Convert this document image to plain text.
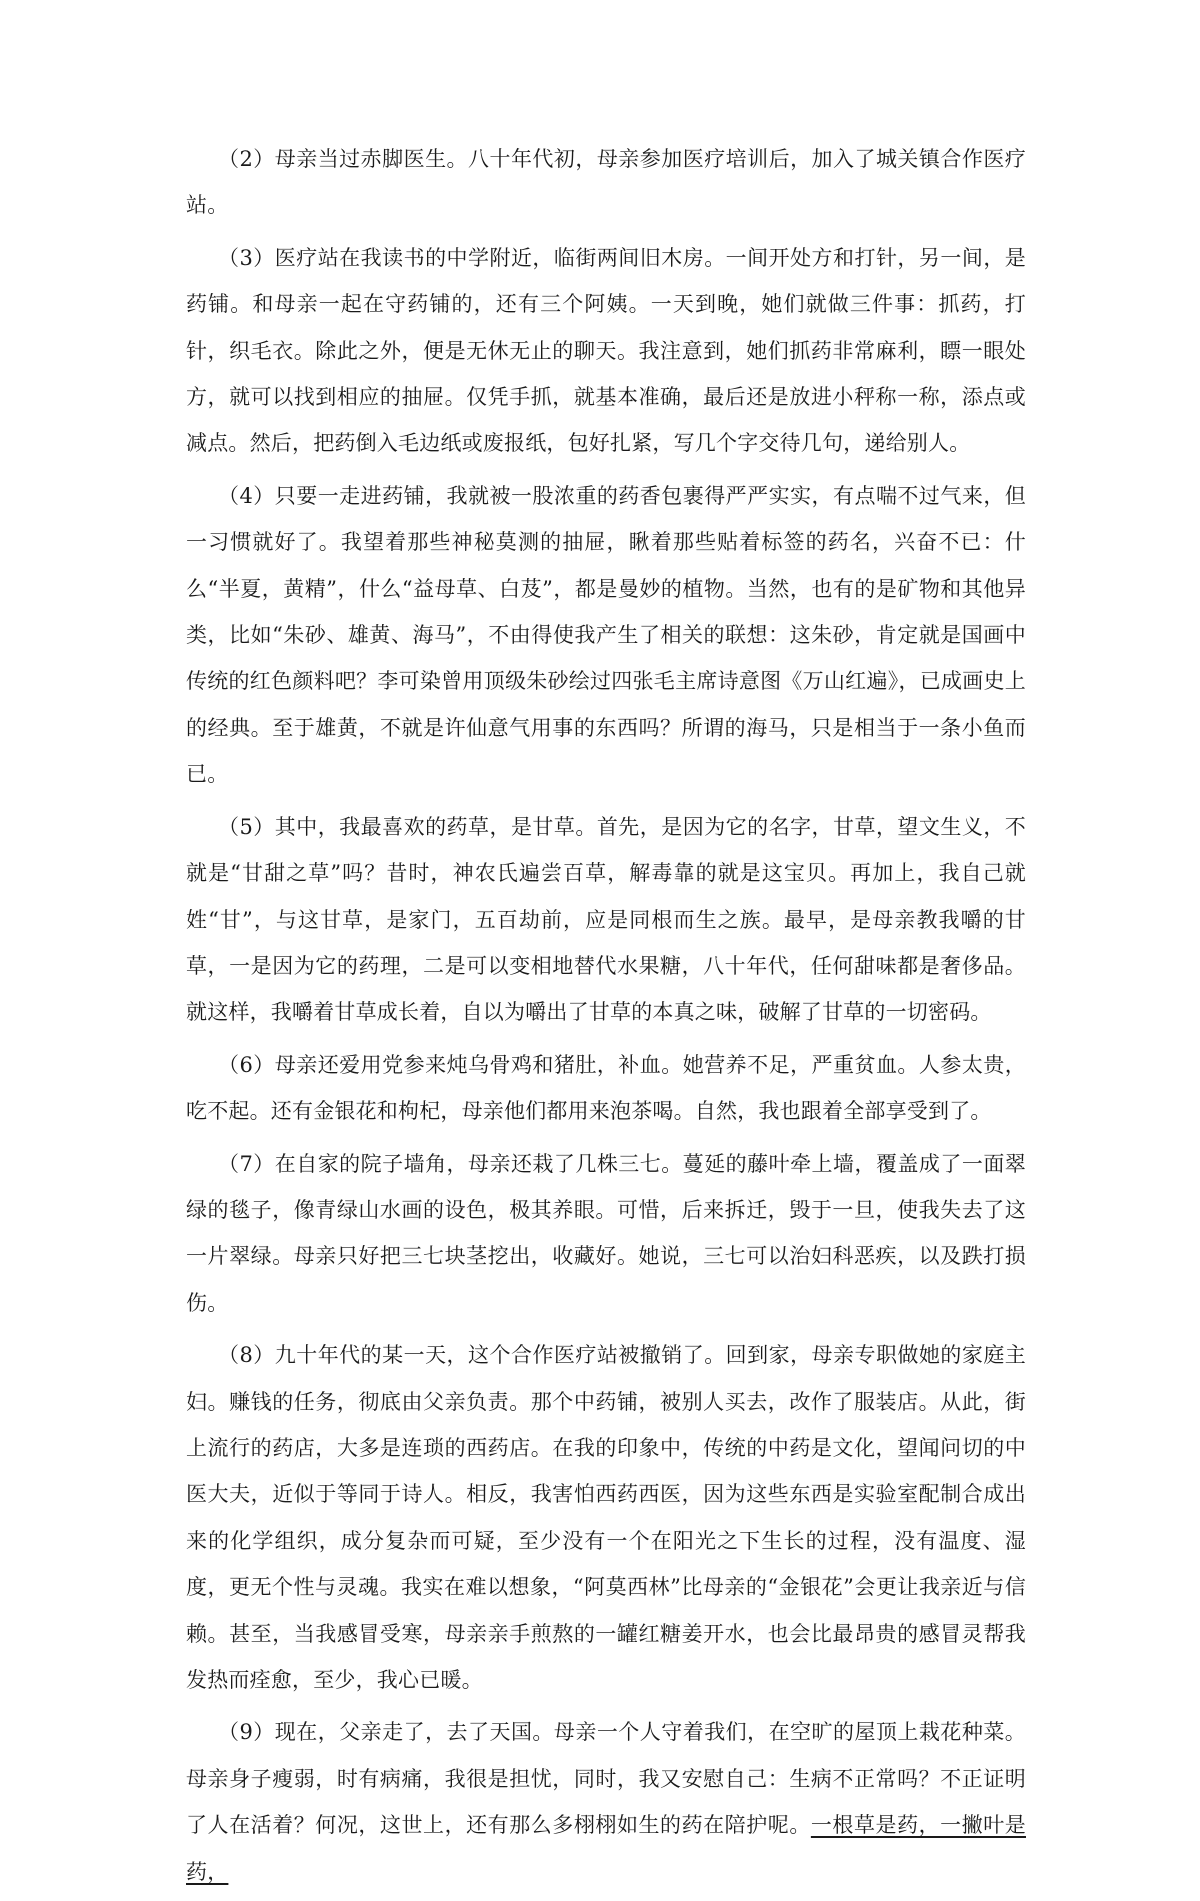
（2）母亲当过赤脚医生。八十年代初，母亲参加医疗培训后，加入了城关镇合作医疗站。

（3）医疗站在我读书的中学附近，临街两间旧木房。一间开处方和打针，另一间，是药铺。和母亲一起在守药铺的，还有三个阿姨。一天到晚，她们就做三件事：抓药，打针，织毛衣。除此之外，便是无休无止的聊天。我注意到，她们抓药非常麻利，瞟一眼处方，就可以找到相应的抽屉。仅凭手抓，就基本准确，最后还是放进小秤称一称，添点或减点。然后，把药倒入毛边纸或废报纸，包好扎紧，写几个字交待几句，递给别人。

（4）只要一走进药铺，我就被一股浓重的药香包裹得严严实实，有点喘不过气来，但一习惯就好了。我望着那些神秘莫测的抽屉，瞅着那些贴着标签的药名，兴奋不已：什么“半夏，黄精”，什么“益母草、白芨”，都是曼妙的植物。当然，也有的是矿物和其他异类，比如“朱砂、雄黄、海马”，不由得使我产生了相关的联想：这朱砂，肯定就是国画中传统的红色颜料吧？李可染曾用顶级朱砂绘过四张毛主席诗意图《万山红遍》，已成画史上的经典。至于雄黄，不就是许仙意气用事的东西吗？所谓的海马，只是相当于一条小鱼而已。

（5）其中，我最喜欢的药草，是甘草。首先，是因为它的名字，甘草，望文生义，不就是“甘甜之草”吗？昔时，神农氏遍尝百草，解毒靠的就是这宝贝。再加上，我自己就姓“甘”，与这甘草，是家门，五百劫前，应是同根而生之族。最早，是母亲教我嚼的甘草，一是因为它的药理，二是可以变相地替代水果糖，八十年代，任何甜味都是奢侈品。就这样，我嚼着甘草成长着，自以为嚼出了甘草的本真之味，破解了甘草的一切密码。

（6）母亲还爱用党参来炖乌骨鸡和猪肚，补血。她营养不足，严重贫血。人参太贵，吃不起。还有金银花和枸杞，母亲他们都用来泡茶喝。自然，我也跟着全部享受到了。

（7）在自家的院子墙角，母亲还栽了几株三七。蔓延的藤叶牵上墙，覆盖成了一面翠绿的毯子，像青绿山水画的设色，极其养眼。可惜，后来拆迁，毁于一旦，使我失去了这一片翠绿。母亲只好把三七块茎挖出，收藏好。她说，三七可以治妇科恶疾，以及跌打损伤。

（8）九十年代的某一天，这个合作医疗站被撤销了。回到家，母亲专职做她的家庭主妇。赚钱的任务，彻底由父亲负责。那个中药铺，被别人买去，改作了服装店。从此，街上流行的药店，大多是连琐的西药店。在我的印象中，传统的中药是文化，望闻问切的中医大夫，近似于等同于诗人。相反，我害怕西药西医，因为这些东西是实验室配制合成出来的化学组织，成分复杂而可疑，至少没有一个在阳光之下生长的过程，没有温度、湿度，更无个性与灵魂。我实在难以想象，“阿莫西林”比母亲的“金银花”会更让我亲近与信赖。甚至，当我感冒受寒，母亲亲手煎熬的一罐红糖姜开水，也会比最昂贵的感冒灵帮我发热而痊愈，至少，我心已暖。

（9）现在，父亲走了，去了天国。母亲一个人守着我们，在空旷的屋顶上栽花种菜。母亲身子瘦弱，时有病痛，我很是担忧，同时，我又安慰自己：生病不正常吗？不正证明了人在活着？何况，这世上，还有那么多栩栩如生的药在陪护呢。一根草是药，一撇叶是药，
